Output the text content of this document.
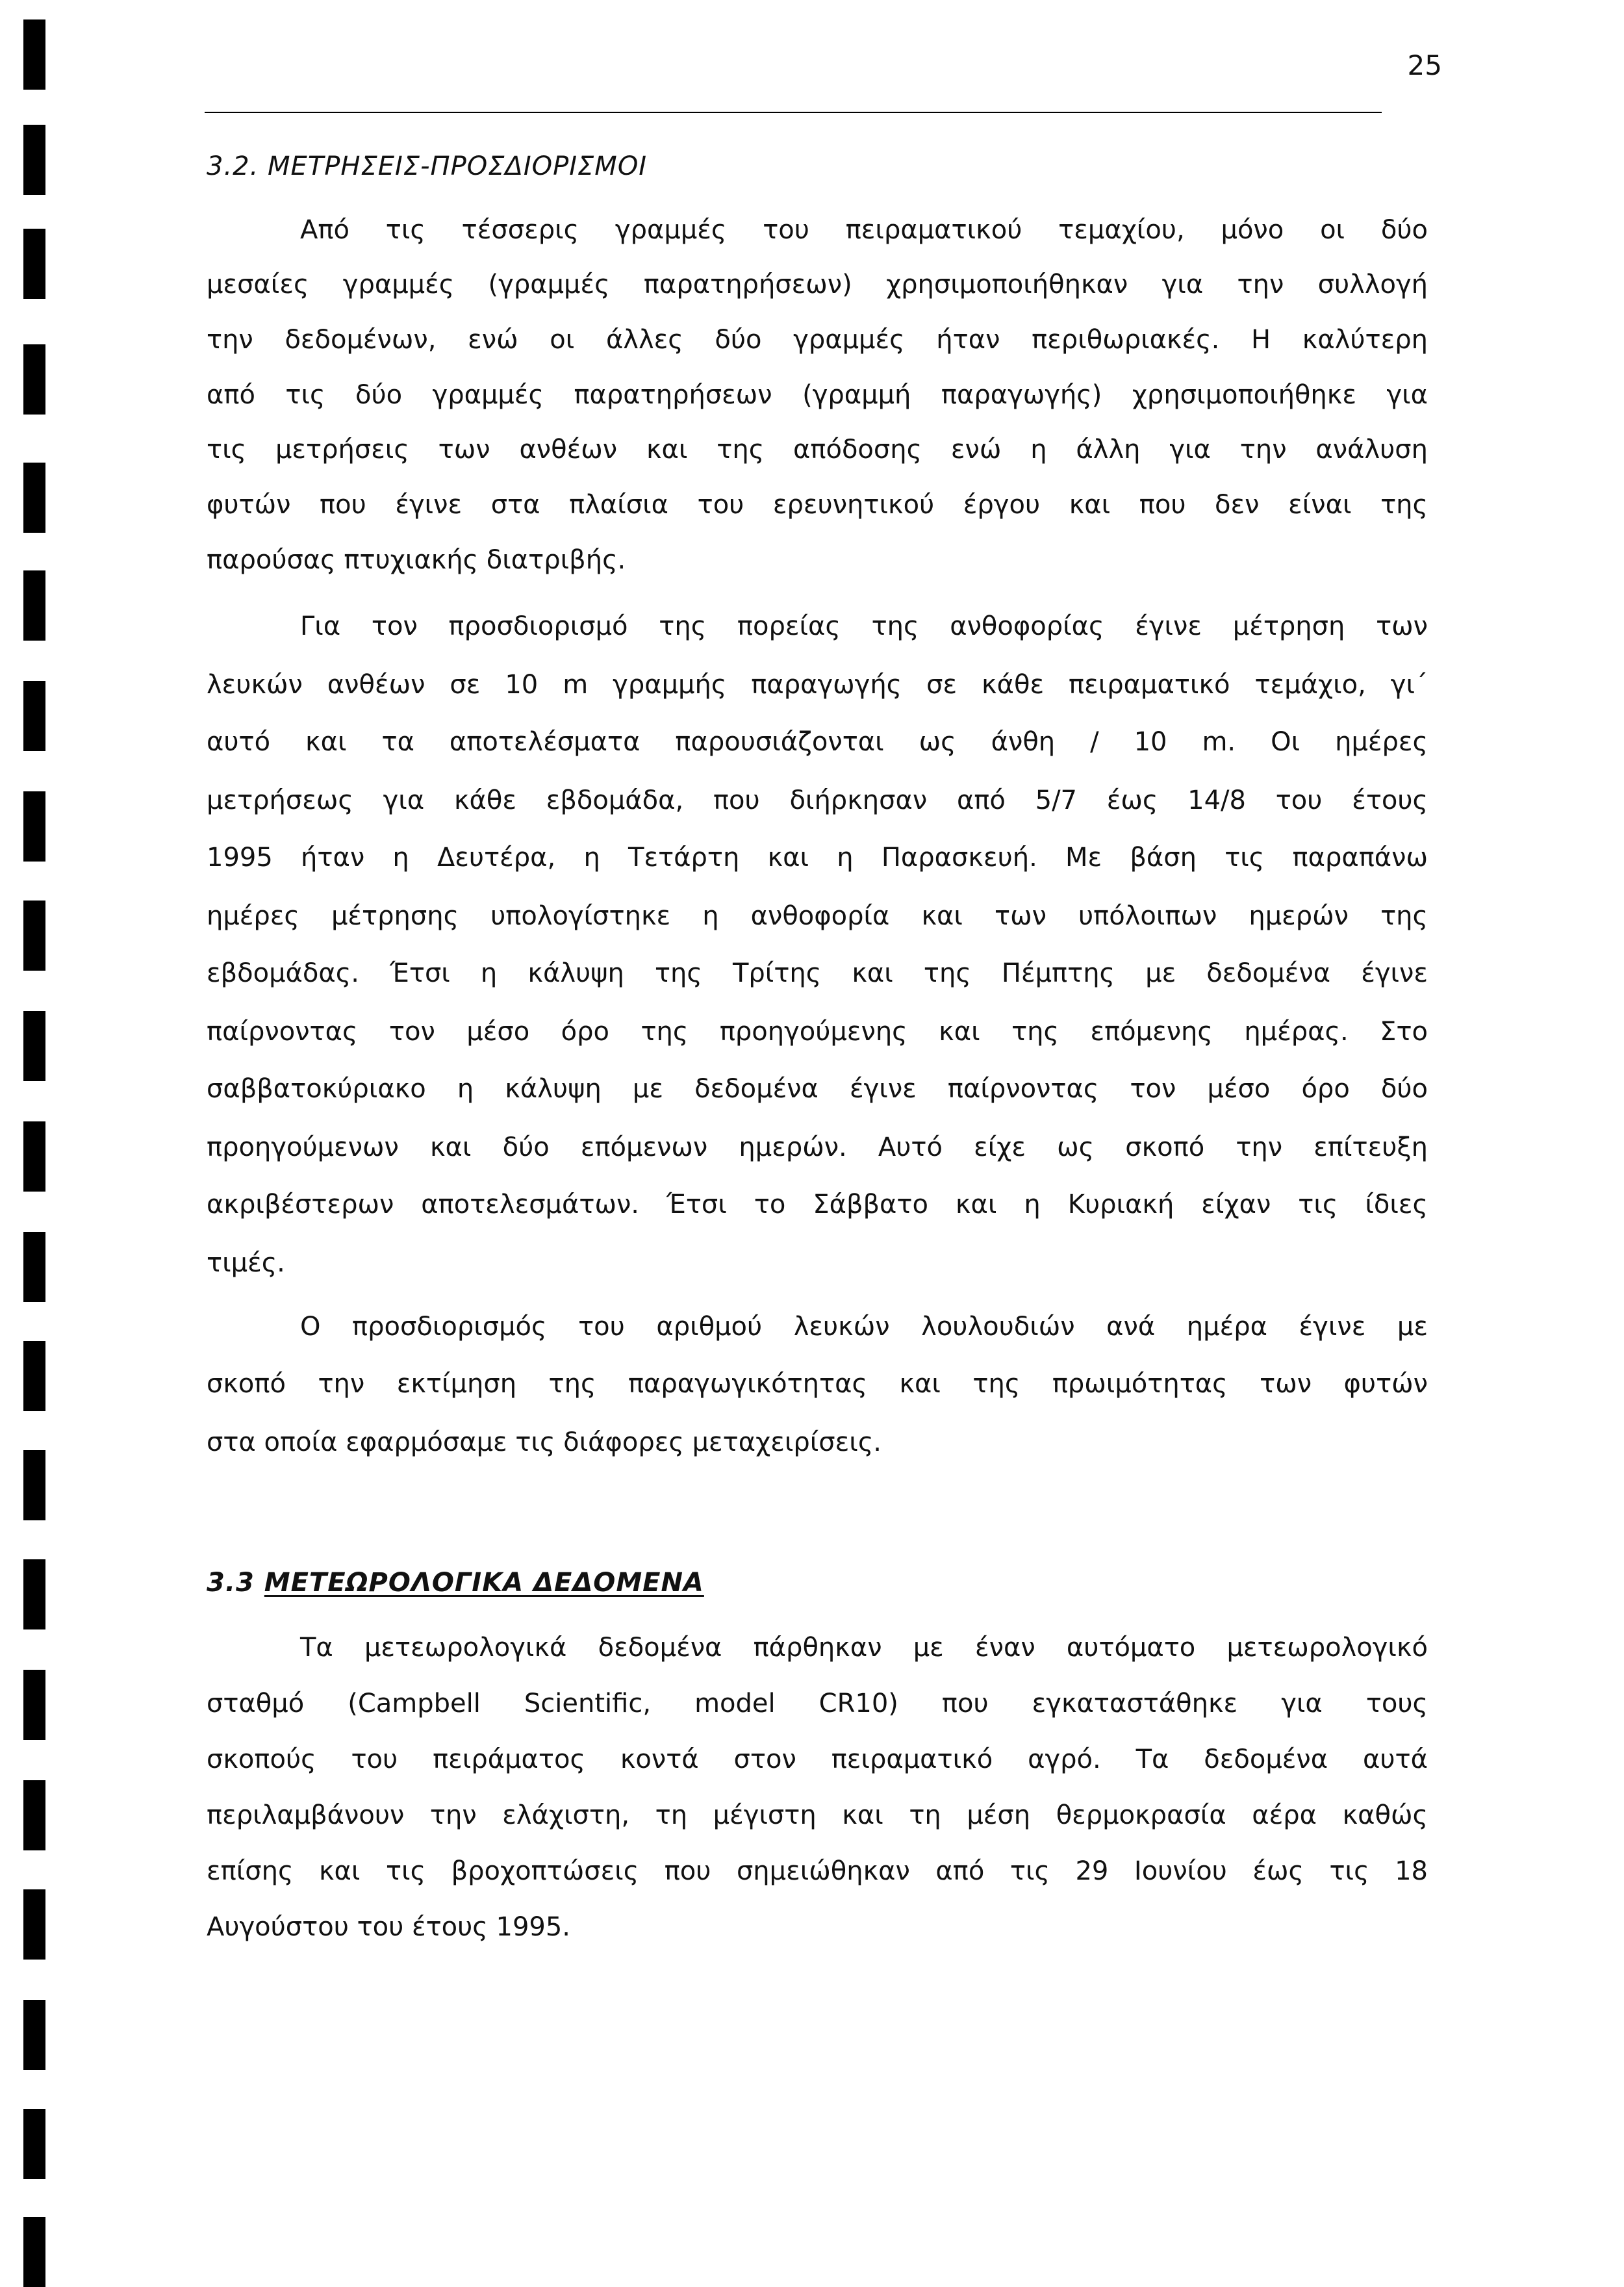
25
3.2. ΜΕΤΡΗΣΕΙΣ-ΠΡΟΣΔΙΟΡΙΣΜΟΙ
Από τις τέσσερις γραμμές του πειραματικού τεμαχίου, μόνο οι δύο
μεσαίες γραμμές (γραμμές παρατηρήσεων) χρησιμοποιήθηκαν για την συλλογή
την δεδομένων, ενώ οι άλλες δύο γραμμές ήταν περιθωριακές. Η καλύτερη
από τις δύο γραμμές παρατηρήσεων (γραμμή παραγωγής) χρησιμοποιήθηκε για
τις μετρήσεις των ανθέων και της απόδοσης ενώ η άλλη για την ανάλυση
φυτών που έγινε στα πλαίσια του ερευνητικού έργου και που δεν είναι της
παρούσας πτυχιακής διατριβής.
Για τον προσδιορισμό της πορείας της ανθοφορίας έγινε μέτρηση των
λευκών ανθέων σε 10 m γραμμής παραγωγής σε κάθε πειραματικό τεμάχιο, γι΄
αυτό και τα αποτελέσματα παρουσιάζονται ως άνθη / 10 m. Οι ημέρες
μετρήσεως για κάθε εβδομάδα, που διήρκησαν από 5/7 έως 14/8 του έτους
1995 ήταν η Δευτέρα, η Τετάρτη και η Παρασκευή. Με βάση τις παραπάνω
ημέρες μέτρησης υπολογίστηκε η ανθοφορία και των υπόλοιπων ημερών της
εβδομάδας. Έτσι η κάλυψη της Τρίτης και της Πέμπτης με δεδομένα έγινε
παίρνοντας τον μέσο όρο της προηγούμενης και της επόμενης ημέρας. Στο
σαββατοκύριακο η κάλυψη με δεδομένα έγινε παίρνοντας τον μέσο όρο δύο
προηγούμενων και δύο επόμενων ημερών. Αυτό είχε ως σκοπό την επίτευξη
ακριβέστερων αποτελεσμάτων. Έτσι το Σάββατο και η Κυριακή είχαν τις ίδιες
τιμές.
Ο προσδιορισμός του αριθμού λευκών λουλουδιών ανά ημέρα έγινε με
σκοπό την εκτίμηση της παραγωγικότητας και της πρωιμότητας των φυτών
στα οποία εφαρμόσαμε τις διάφορες μεταχειρίσεις.
3.3 ΜΕΤΕΩΡΟΛΟΓΙΚΑ ΔΕΔΟΜΕΝΑ
Τα μετεωρολογικά δεδομένα πάρθηκαν με έναν αυτόματο μετεωρολογικό
σταθμό (Campbell Scientific, model CR10) που εγκαταστάθηκε για τους
σκοπούς του πειράματος κοντά στον πειραματικό αγρό. Τα δεδομένα αυτά
περιλαμβάνουν την ελάχιστη, τη μέγιστη και τη μέση θερμοκρασία αέρα καθώς
επίσης και τις βροχοπτώσεις που σημειώθηκαν από τις 29 Ιουνίου έως τις 18
Αυγούστου του έτους 1995.
